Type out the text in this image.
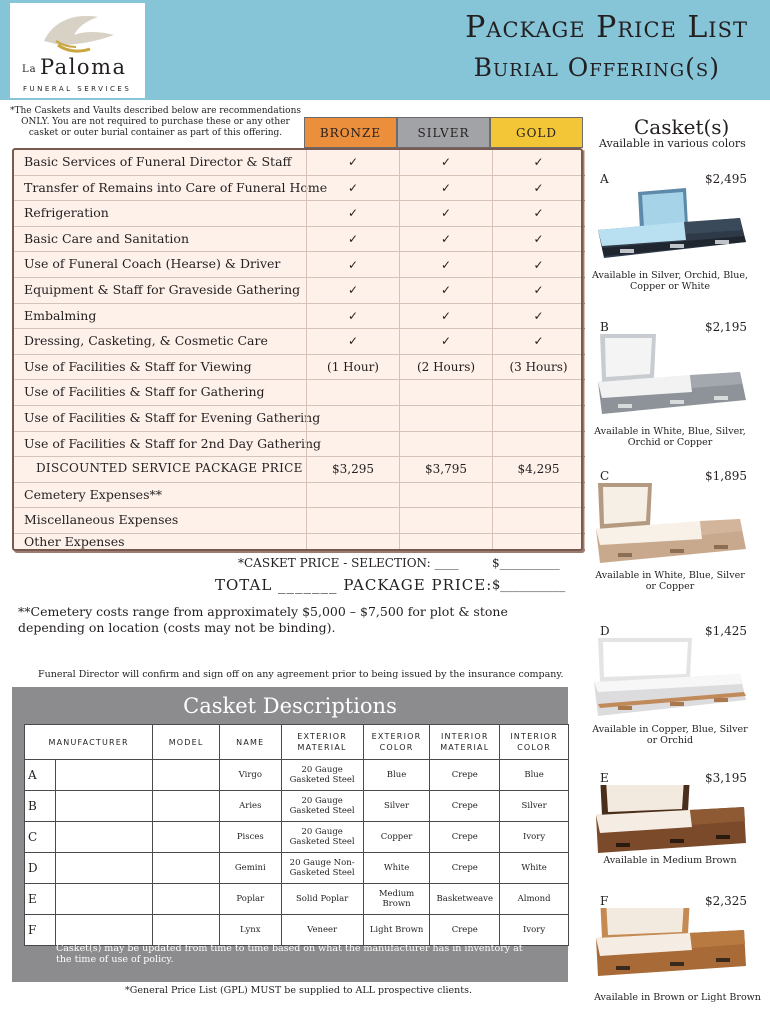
La Paloma
FUNERAL SERVICES
Package Price List
Burial Offering(s)
*The Caskets and Vaults described below are recommendations ONLY. You are not required to purchase these or any other casket or outer burial container as part of this offering.	BRONZE	SILVER	GOLD
Basic Services of Funeral Director & Staff	✓	✓	✓
Transfer of Remains into Care of Funeral Home	✓	✓	✓
Refrigeration	✓	✓	✓
Basic Care and Sanitation	✓	✓	✓
Use of Funeral Coach (Hearse) & Driver	✓	✓	✓
Equipment & Staff for Graveside Gathering	✓	✓	✓
Embalming	✓	✓	✓
Dressing, Casketing, & Cosmetic Care	✓	✓	✓
Use of Facilities & Staff for Viewing	(1 Hour)	(2 Hours)	(3 Hours)
Use of Facilities & Staff for Gathering
Use of Facilities & Staff for Evening Gathering
Use of Facilities & Staff for 2nd Day Gathering
DISCOUNTED SERVICE PACKAGE PRICE	$3,295	$3,795	$4,295
Cemetery Expenses**
Miscellaneous Expenses
Other Expenses
*CASKET PRICE - SELECTION: ____	$__________
TOTAL _______ PACKAGE PRICE: $__________
**Cemetery costs range from approximately $5,000 – $7,500 for plot & stone depending on location (costs may not be binding).
Funeral Director will confirm and sign off on any agreement prior to being issued by the insurance company.
Casket Descriptions
MANUFACTURER		MODEL	NAME	EXTERIOR MATERIAL	EXTERIOR COLOR	INTERIOR MATERIAL	INTERIOR COLOR
A			Virgo	20 Gauge Gasketed Steel	Blue	Crepe	Blue
B			Aries	20 Gauge Gasketed Steel	Silver	Crepe	Silver
C			Pisces	20 Gauge Gasketed Steel	Copper	Crepe	Ivory
D			Gemini	20 Gauge Non-Gasketed Steel	White	Crepe	White
E			Poplar	Solid Poplar	Medium Brown	Basketweave	Almond
F			Lynx	Veneer	Light Brown	Crepe	Ivory
Casket(s) may be updated from time to time based on what the manufacturer has in inventory at the time of use of policy.
*General Price List (GPL) MUST be supplied to ALL prospective clients.
Casket(s)
Available in various colors
A	$2,495
Available in Silver, Orchid, Blue, Copper or White
B	$2,195
Available in White, Blue, Silver, Orchid or Copper
C	$1,895
Available in White, Blue, Silver or Copper
D	$1,425
Available in Copper, Blue, Silver or Orchid
E	$3,195
Available in Medium Brown
F	$2,325
Available in Brown or Light Brown
